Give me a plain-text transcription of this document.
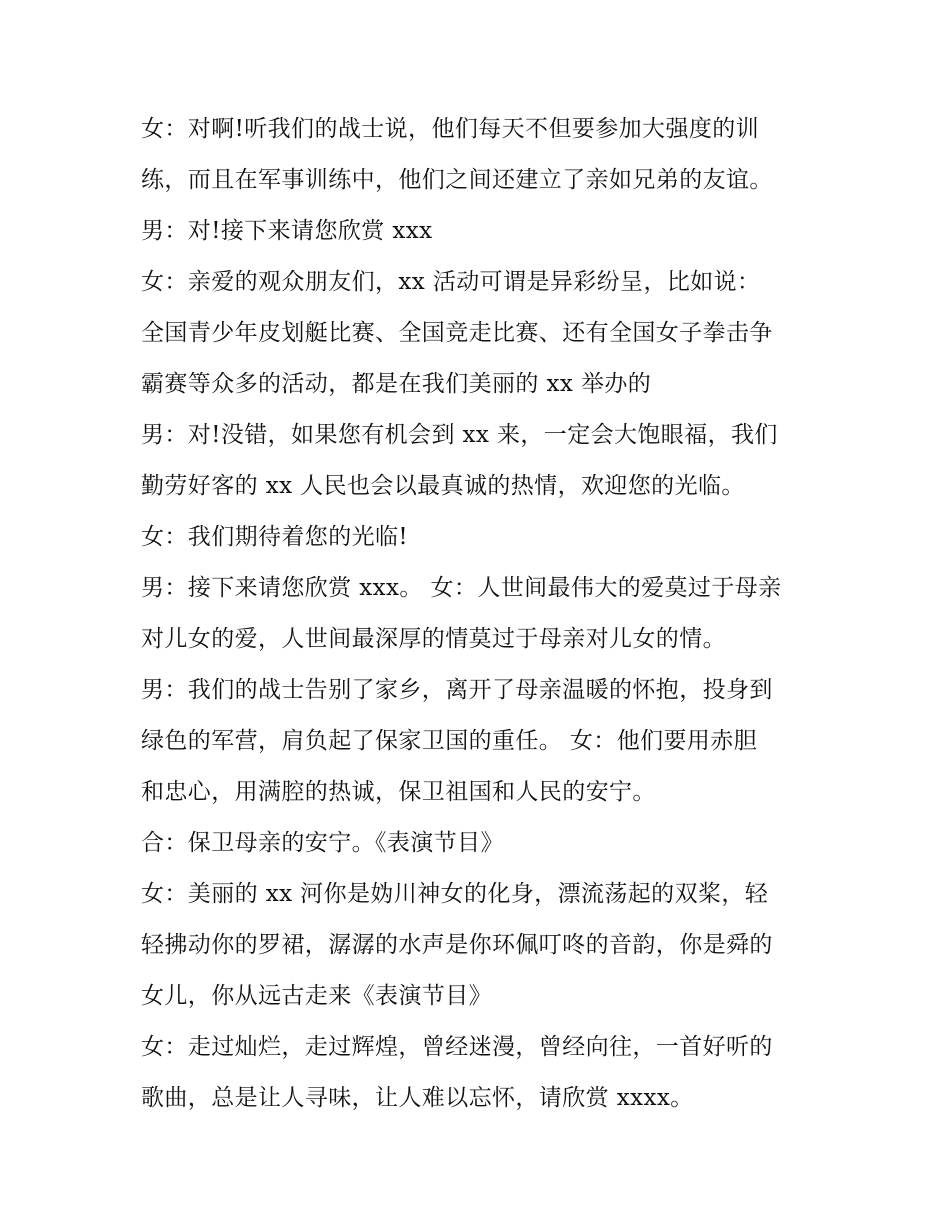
女：对啊!听我们的战士说，他们每天不但要参加大强度的训
练，而且在军事训练中，他们之间还建立了亲如兄弟的友谊。
男：对!接下来请您欣赏 xxx
女：亲爱的观众朋友们，xx 活动可谓是异彩纷呈，比如说：
全国青少年皮划艇比赛、全国竞走比赛、还有全国女子拳击争
霸赛等众多的活动，都是在我们美丽的 xx 举办的
男：对!没错，如果您有机会到 xx 来，一定会大饱眼福，我们
勤劳好客的 xx 人民也会以最真诚的热情，欢迎您的光临。
女：我们期待着您的光临!
男：接下来请您欣赏 xxx。 女：人世间最伟大的爱莫过于母亲
对儿女的爱，人世间最深厚的情莫过于母亲对儿女的情。
男：我们的战士告别了家乡，离开了母亲温暖的怀抱，投身到
绿色的军营，肩负起了保家卫国的重任。 女：他们要用赤胆
和忠心，用满腔的热诚，保卫祖国和人民的安宁。
合：保卫母亲的安宁。《表演节目》
女：美丽的 xx 河你是妫川神女的化身，漂流荡起的双桨，轻
轻拂动你的罗裙，潺潺的水声是你环佩叮咚的音韵，你是舜的
女儿，你从远古走来《表演节目》
女：走过灿烂，走过辉煌，曾经迷漫，曾经向往，一首好听的
歌曲，总是让人寻味，让人难以忘怀，请欣赏 xxxx。
